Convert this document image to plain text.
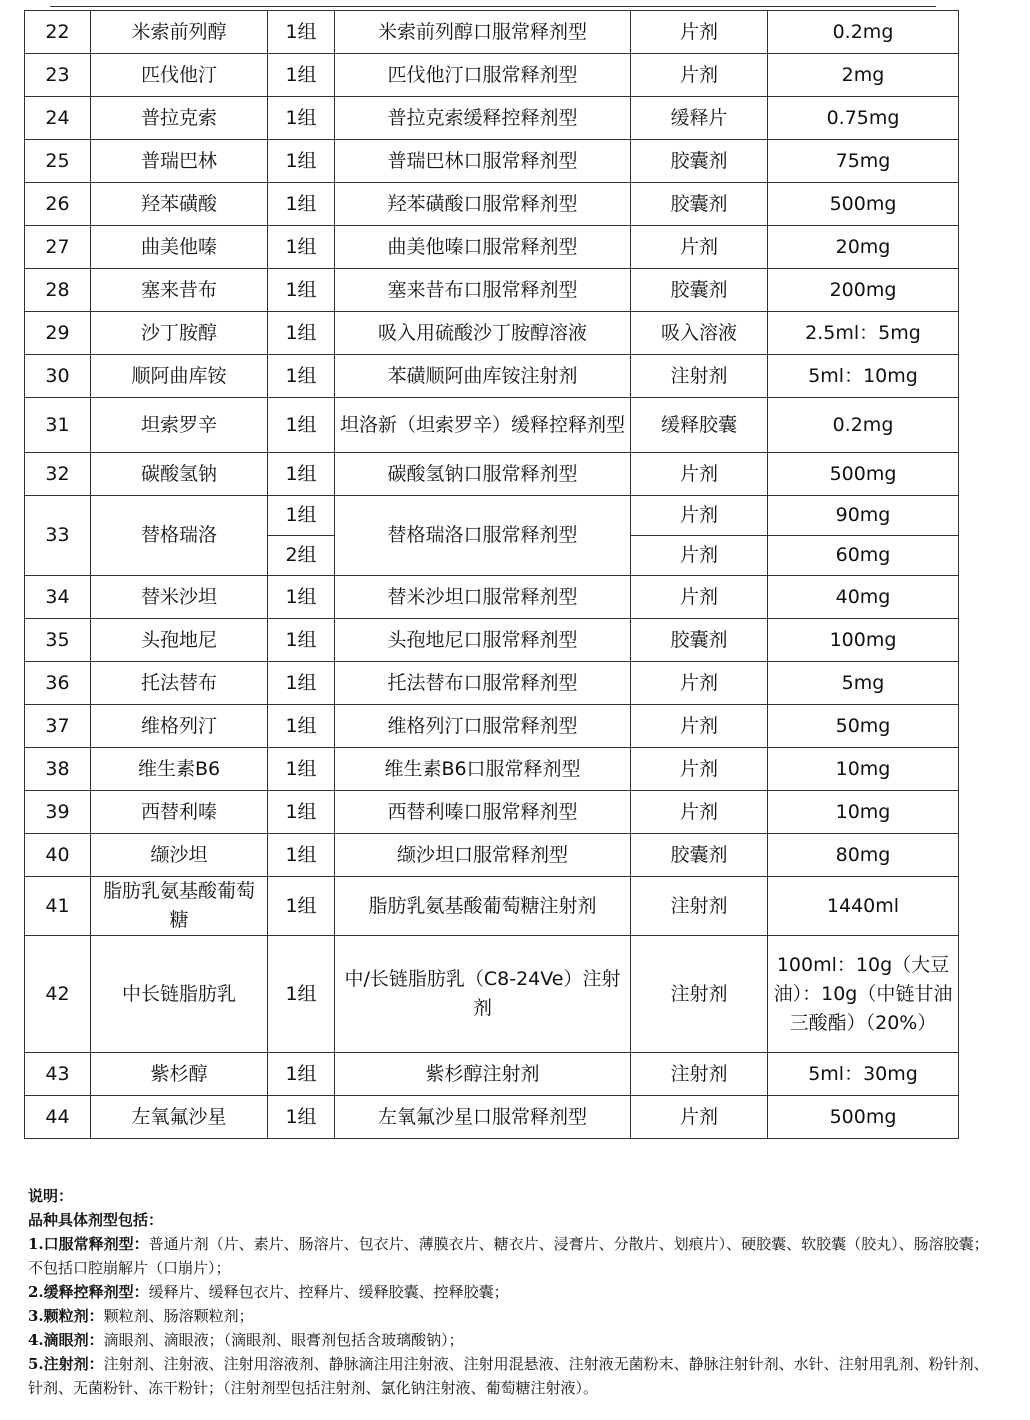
22	米索前列醇	1组	米索前列醇口服常释剂型	片剂	0.2mg
23	匹伐他汀	1组	匹伐他汀口服常释剂型	片剂	2mg
24	普拉克索	1组	普拉克索缓释控释剂型	缓释片	0.75mg
25	普瑞巴林	1组	普瑞巴林口服常释剂型	胶囊剂	75mg
26	羟苯磺酸	1组	羟苯磺酸口服常释剂型	胶囊剂	500mg
27	曲美他嗪	1组	曲美他嗪口服常释剂型	片剂	20mg
28	塞来昔布	1组	塞来昔布口服常释剂型	胶囊剂	200mg
29	沙丁胺醇	1组	吸入用硫酸沙丁胺醇溶液	吸入溶液	2.5ml：5mg
30	顺阿曲库铵	1组	苯磺顺阿曲库铵注射剂	注射剂	5ml：10mg
31	坦索罗辛	1组	坦洛新（坦索罗辛）缓释控释剂型	缓释胶囊	0.2mg
32	碳酸氢钠	1组	碳酸氢钠口服常释剂型	片剂	500mg
33	替格瑞洛	1组	替格瑞洛口服常释剂型	片剂	90mg
		2组		片剂	60mg
34	替米沙坦	1组	替米沙坦口服常释剂型	片剂	40mg
35	头孢地尼	1组	头孢地尼口服常释剂型	胶囊剂	100mg
36	托法替布	1组	托法替布口服常释剂型	片剂	5mg
37	维格列汀	1组	维格列汀口服常释剂型	片剂	50mg
38	维生素B6	1组	维生素B6口服常释剂型	片剂	10mg
39	西替利嗪	1组	西替利嗪口服常释剂型	片剂	10mg
40	缬沙坦	1组	缬沙坦口服常释剂型	胶囊剂	80mg
41	脂肪乳氨基酸葡萄糖	1组	脂肪乳氨基酸葡萄糖注射剂	注射剂	1440ml
42	中长链脂肪乳	1组	中/长链脂肪乳（C8-24Ve）注射剂	注射剂	100ml：10g（大豆油）：10g（中链甘油三酸酯）（20%）
43	紫杉醇	1组	紫杉醇注射剂	注射剂	5ml：30mg
44	左氧氟沙星	1组	左氧氟沙星口服常释剂型	片剂	500mg

说明：

品种具体剂型包括：

1.口服常释剂型：普通片剂（片、素片、肠溶片、包衣片、薄膜衣片、糖衣片、浸膏片、分散片、划痕片）、硬胶囊、软胶囊（胶丸）、肠溶胶囊；不包括口腔崩解片（口崩片）；

2.缓释控释剂型：缓释片、缓释包衣片、控释片、缓释胶囊、控释胶囊；

3.颗粒剂：颗粒剂、肠溶颗粒剂；

4.滴眼剂：滴眼剂、滴眼液；（滴眼剂、眼膏剂包括含玻璃酸钠）；

5.注射剂：注射剂、注射液、注射用溶液剂、静脉滴注用注射液、注射用混悬液、注射液无菌粉末、静脉注射针剂、水针、注射用乳剂、粉针剂、针剂、无菌粉针、冻干粉针；（注射剂型包括注射剂、氯化钠注射液、葡萄糖注射液）。
